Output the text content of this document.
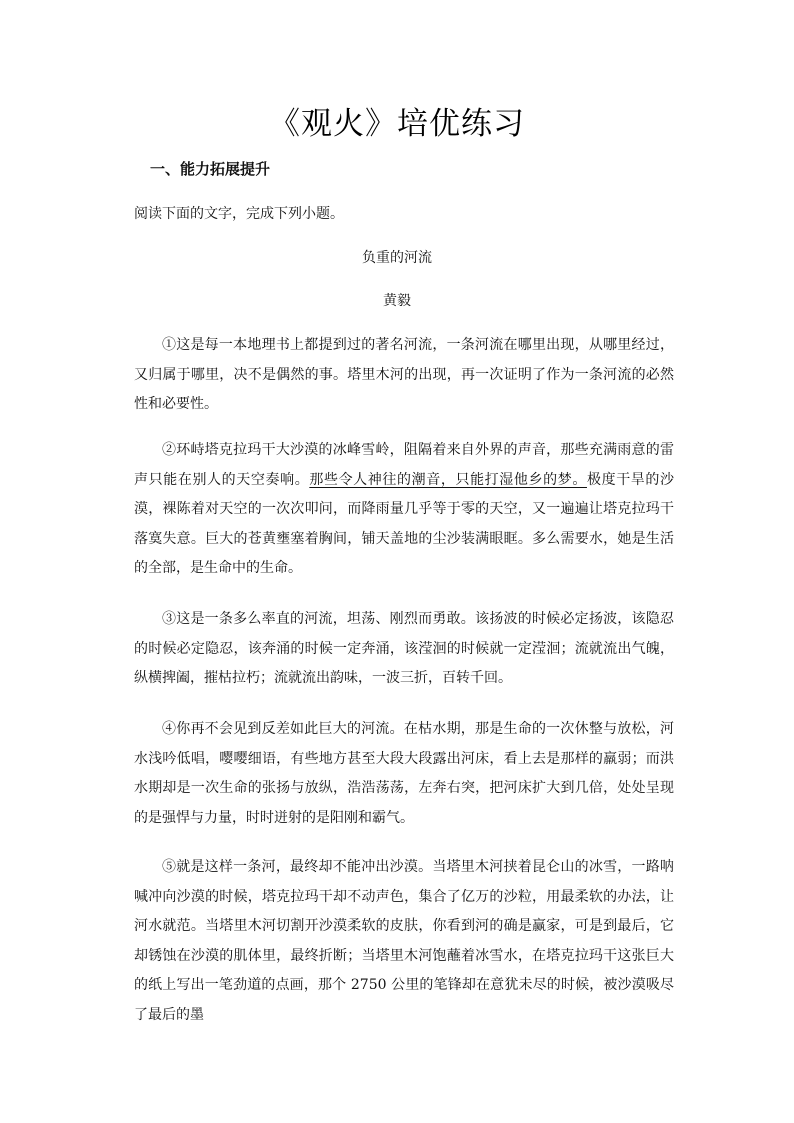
《观火》培优练习
一、能力拓展提升
阅读下面的文字，完成下列小题。
负重的河流
黄毅

①这是每一本地理书上都提到过的著名河流，一条河流在哪里出现，从哪里经过，又归属于哪里，决不是偶然的事。塔里木河的出现，再一次证明了作为一条河流的必然性和必要性。

②环峙塔克拉玛干大沙漠的冰峰雪岭，阻隔着来自外界的声音，那些充满雨意的雷声只能在别人的天空奏响。那些令人神往的潮音，只能打湿他乡的梦。极度干旱的沙漠，裸陈着对天空的一次次叩问，而降雨量几乎等于零的天空，又一遍遍让塔克拉玛干落寞失意。巨大的苍黄壅塞着胸间，铺天盖地的尘沙装满眼眶。多么需要水，她是生活的全部，是生命中的生命。

③这是一条多么率直的河流，坦荡、刚烈而勇敢。该扬波的时候必定扬波，该隐忍的时候必定隐忍，该奔涌的时候一定奔涌，该滢洄的时候就一定滢洄；流就流出气魄，纵横捭阖，摧枯拉朽；流就流出韵味，一波三折，百转千回。

④你再不会见到反差如此巨大的河流。在枯水期，那是生命的一次休整与放松，河水浅吟低唱，嘤嘤细语，有些地方甚至大段大段露出河床，看上去是那样的羸弱；而洪水期却是一次生命的张扬与放纵，浩浩荡荡，左奔右突，把河床扩大到几倍，处处呈现的是强悍与力量，时时迸射的是阳刚和霸气。

⑤就是这样一条河，最终却不能冲出沙漠。当塔里木河挟着昆仑山的冰雪，一路呐喊冲向沙漠的时候，塔克拉玛干却不动声色，集合了亿万的沙粒，用最柔软的办法，让河水就范。当塔里木河切割开沙漠柔软的皮肤，你看到河的确是赢家，可是到最后，它却锈蚀在沙漠的肌体里，最终折断；当塔里木河饱蘸着冰雪水，在塔克拉玛干这张巨大的纸上写出一笔劲道的点画，那个 2750 公里的笔锋却在意犹未尽的时候，被沙漠吸尽了最后的墨
